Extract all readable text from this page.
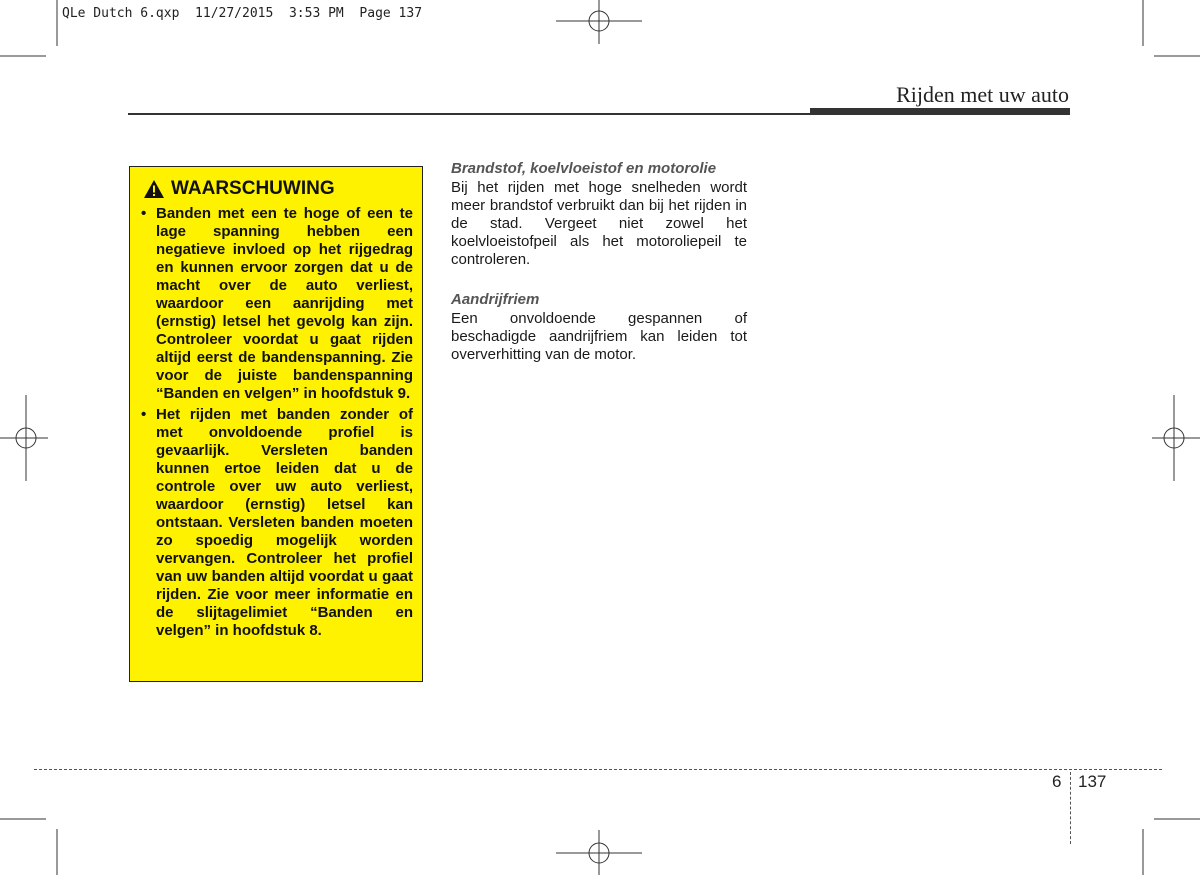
QLe Dutch 6.qxp  11/27/2015  3:53 PM  Page 137
Rijden met uw auto
WAARSCHUWING
• Banden met een te hoge of een te lage spanning hebben een negatieve invloed op het rijgedrag en kunnen ervoor zorgen dat u de macht over de auto verliest, waardoor een aanrijding met (ernstig) letsel het gevolg kan zijn. Controleer voordat u gaat rijden altijd eerst de bandenspanning. Zie voor de juiste bandenspanning “Banden en velgen” in hoofdstuk 9.
• Het rijden met banden zonder of met onvoldoende profiel is gevaarlijk. Versleten banden kunnen ertoe leiden dat u de controle over uw auto verliest, waardoor (ernstig) letsel kan ontstaan. Versleten banden moeten zo spoedig mogelijk worden vervangen. Controleer het profiel van uw banden altijd voordat u gaat rijden. Zie voor meer informatie en de slijtagelimiet “Banden en velgen” in hoofdstuk 8.

Brandstof, koelvloeistof en motorolie

Bij het rijden met hoge snelheden wordt meer brandstof verbruikt dan bij het rijden in de stad. Vergeet niet zowel het koelvloeistofpeil als het motoroliepeil te controleren.

Aandrijfriem

Een onvoldoende gespannen of beschadigde aandrijfriem kan leiden tot oververhitting van de motor.

6 137
